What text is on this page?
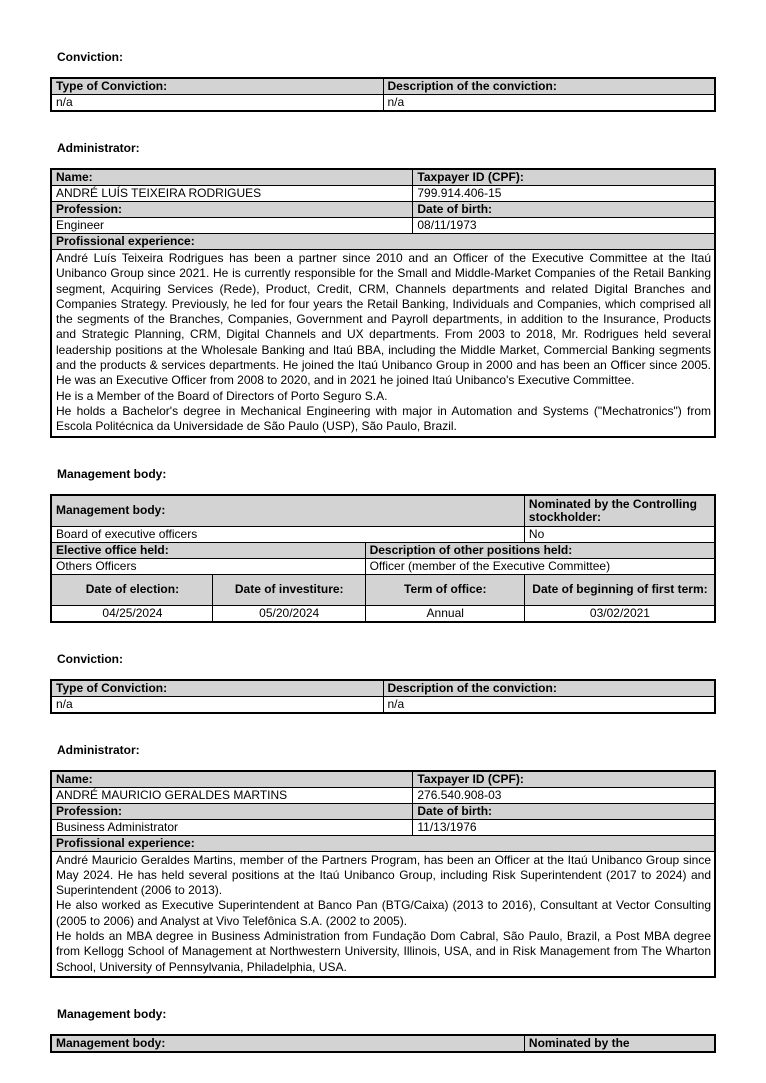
Conviction:
Type of Conviction:	Description of the conviction:
n/a	n/a
Administrator:
Name:	Taxpayer ID (CPF):
ANDRÉ LUÍS TEIXEIRA RODRIGUES	799.914.406-15
Profession:	Date of birth:
Engineer	08/11/1973
Profissional experience:	

André Luís Teixeira Rodrigues has been a partner since 2010 and an Officer of the Executive Committee at the Itaú Unibanco Group since 2021. He is currently responsible for the Small and Middle-Market Companies of the Retail Banking segment, Acquiring Services (Rede), Product, Credit, CRM, Channels departments and related Digital Branches and Companies Strategy. Previously, he led for four years the Retail Banking, Individuals and Companies, which comprised all the segments of the Branches, Companies, Government and Payroll departments, in addition to the Insurance, Products and Strategic Planning, CRM, Digital Channels and UX departments. From 2003 to 2018, Mr. Rodrigues held several leadership positions at the Wholesale Banking and Itaú BBA, including the Middle Market, Commercial Banking segments and the products & services departments. He joined the Itaú Unibanco Group in 2000 and has been an Officer since 2005. He was an Executive Officer from 2008 to 2020, and in 2021 he joined Itaú Unibanco's Executive Committee.

He is a Member of the Board of Directors of Porto Seguro S.A.

He holds a Bachelor's degree in Mechanical Engineering with major in Automation and Systems ("Mechatronics") from Escola Politécnica da Universidade de São Paulo (USP), São Paulo, Brazil.	

Management body:
Management body:			Nominated by the Controlling stockholder:
Board of executive officers			No
Elective office held:		Description of other positions held:	
Others Officers		Officer (member of the Executive Committee)	
Date of election:	Date of investiture:	Term of office:	Date of beginning of first term:
04/25/2024	05/20/2024	Annual	03/02/2021
Conviction:
Type of Conviction:	Description of the conviction:
n/a	n/a
Administrator:
Name:	Taxpayer ID (CPF):
ANDRÉ MAURICIO GERALDES MARTINS	276.540.908-03
Profession:	Date of birth:
Business Administrator	11/13/1976
Profissional experience:	

André Mauricio Geraldes Martins, member of the Partners Program, has been an Officer at the Itaú Unibanco Group since May 2024. He has held several positions at the Itaú Unibanco Group, including Risk Superintendent (2017 to 2024) and Superintendent (2006 to 2013).

He also worked as Executive Superintendent at Banco Pan (BTG/Caixa) (2013 to 2016), Consultant at Vector Consulting (2005 to 2006) and Analyst at Vivo Telefônica S.A. (2002 to 2005).

He holds an MBA degree in Business Administration from Fundação Dom Cabral, São Paulo, Brazil, a Post MBA degree from Kellogg School of Management at Northwestern University, Illinois, USA, and in Risk Management from The Wharton School, University of Pennsylvania, Philadelphia, USA.	

Management body:
Management body:	Nominated by the
